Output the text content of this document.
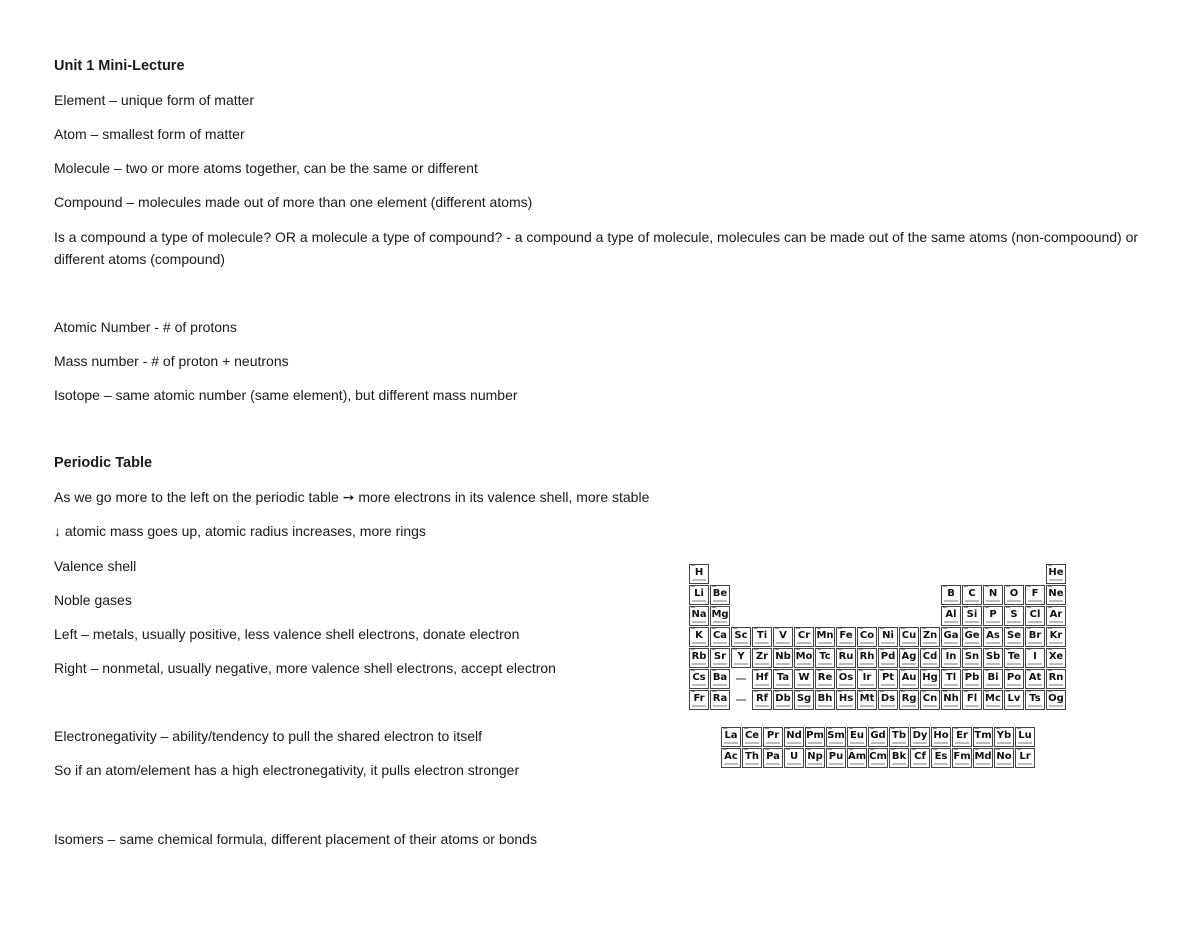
Unit 1 Mini-Lecture
Element – unique form of matter
Atom – smallest form of matter
Molecule – two or more atoms together, can be the same or different
Compound – molecules made out of more than one element (different atoms)
Is a compound a type of molecule? OR a molecule a type of compound? - a compound a type of molecule, molecules can be made out of the same atoms (non-compoound) or different atoms (compound)
Atomic Number - # of protons
Mass number - # of proton + neutrons
Isotope – same atomic number (same element), but different mass number
Periodic Table
As we go more to the left on the periodic table ➙ more electrons in its valence shell, more stable
↓ atomic mass goes up, atomic radius increases, more rings
Valence shell
Noble gases
Left – metals, usually positive, less valence shell electrons, donate electron
Right – nonmetal, usually negative, more valence shell electrons, accept electron
Electronegativity – ability/tendency to pull the shared electron to itself
So if an atom/element has a high electronegativity, it pulls electron stronger
Isomers – same chemical formula, different placement of their atoms or bonds
H	He
Li Be	B	C	N	O	F	Ne
Na Mg	Al	Si	P	S	Cl Ar
K	Ca Sc Ti	V	Cr Mn Fe Co Ni Cu Zn Ga Ge As Se Br Kr
Rb Sr	Y	Zr Nb Mo Tc Ru Rh Pd Ag Cd In Sn Sb Te	I	Xe
Cs Ba	Hf Ta W Re Os Ir	Pt Au Hg Tl Pb Bi Po At Rn
Fr Ra	Rf Db Sg Bh Hs Mt Ds Rg Cn Nh Fl Mc Lv Ts Og
La Ce Pr Nd Pm Sm Eu Gd Tb Dy Ho Er Tm Yb Lu
Ac Th Pa	U Np Pu Am Cm Bk Cf Es Fm Md No Lr
